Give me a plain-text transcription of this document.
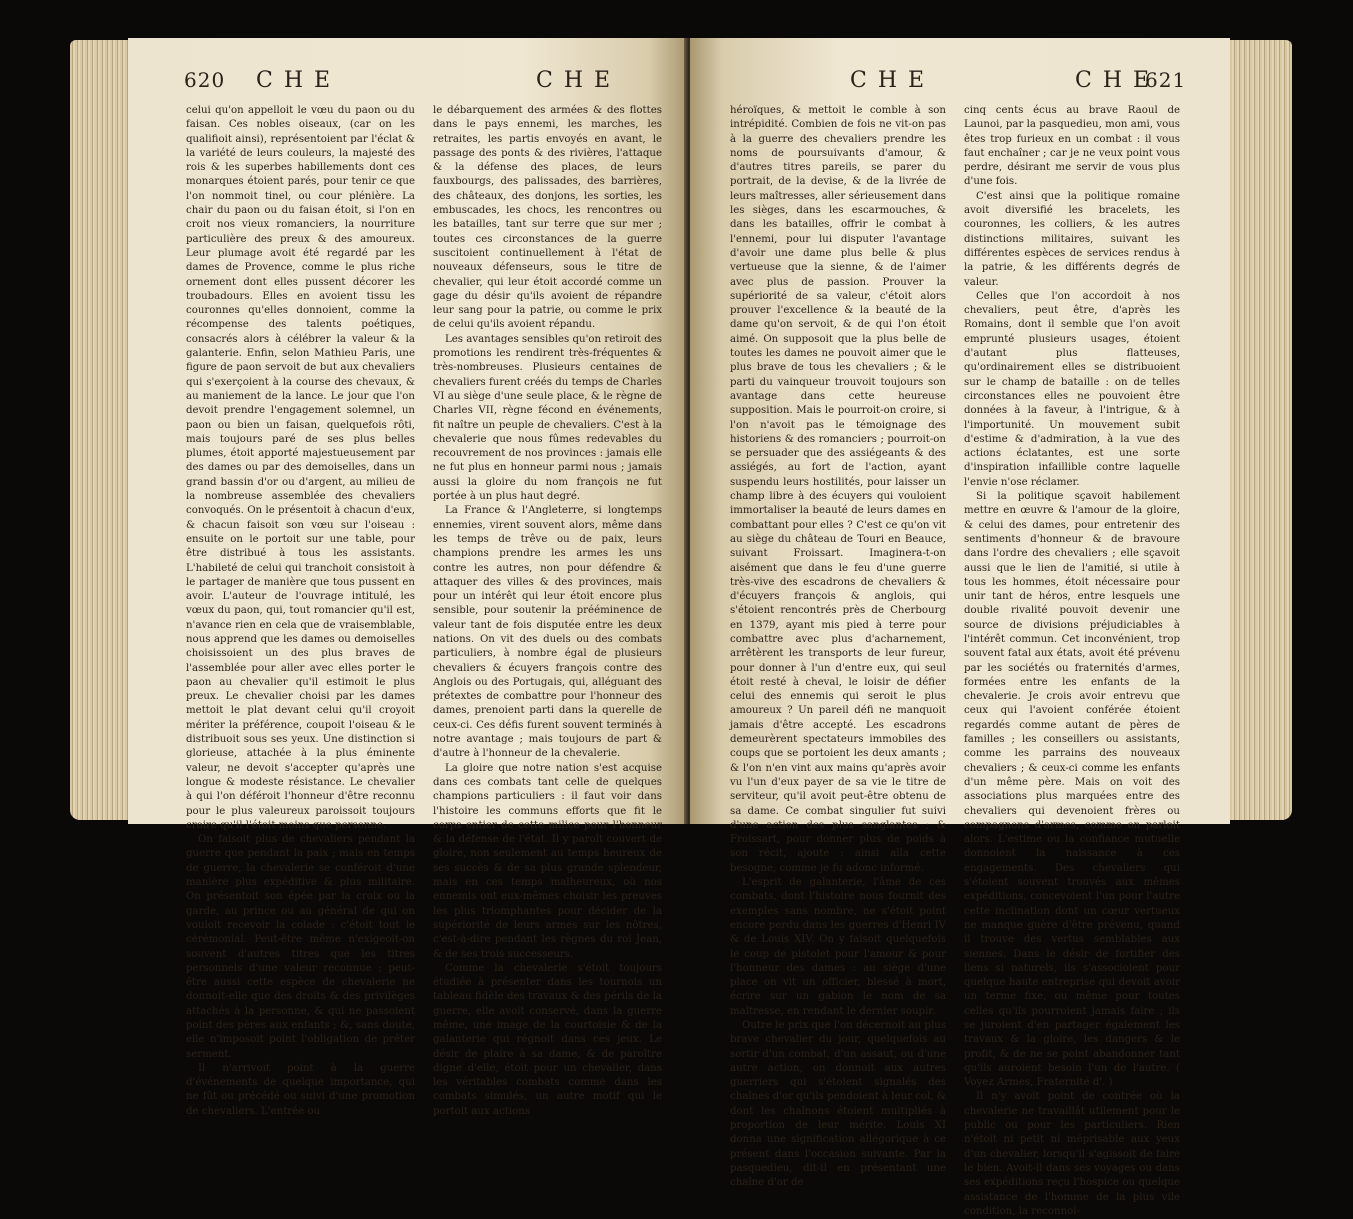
620 C H E	C H E

celui qu'on appelloit le vœu du paon ou du faisan. Ces nobles oiseaux, (car on les qualifioit ainsi), représentoient par l'éclat & la variété de leurs couleurs, la majesté des rois & les superbes habillements dont ces monarques étoient parés, pour tenir ce que l'on nommoit tinel, ou cour plénière. La chair du paon ou du faisan étoit, si l'on en croit nos vieux romanciers, la nourriture particulière des preux & des amoureux. Leur plumage avoit été regardé par les dames de Provence, comme le plus riche ornement dont elles pussent décorer les troubadours. Elles en avoient tissu les couronnes qu'elles donnoient, comme la récompense des talents poétiques, consacrés alors à célébrer la valeur & la galanterie. Enfin, selon Mathieu Paris, une figure de paon servoit de but aux chevaliers qui s'exerçoient à la course des chevaux, & au maniement de la lance. Le jour que l'on devoit prendre l'engagement solemnel, un paon ou bien un faisan, quelquefois rôti, mais toujours paré de ses plus belles plumes, étoit apporté majestueusement par des dames ou par des demoiselles, dans un grand bassin d'or ou d'argent, au milieu de la nombreuse assemblée des chevaliers convoqués. On le présentoit à chacun d'eux, & chacun faisoit son vœu sur l'oiseau : ensuite on le portoit sur une table, pour être distribué à tous les assistants. L'habileté de celui qui tranchoit consistoit à le partager de manière que tous pussent en avoir. L'auteur de l'ouvrage intitulé, les vœux du paon, qui, tout romancier qu'il est, n'avance rien en cela que de vraisemblable, nous apprend que les dames ou demoiselles choisissoient un des plus braves de l'assemblée pour aller avec elles porter le paon au chevalier qu'il estimoit le plus preux. Le chevalier choisi par les dames mettoit le plat devant celui qu'il croyoit mériter la préférence, coupoit l'oiseau & le distribuoit sous ses yeux. Une distinction si glorieuse, attachée à la plus éminente valeur, ne devoit s'accepter qu'après une longue & modeste résistance. Le chevalier à qui l'on déféroit l'honneur d'être reconnu pour le plus valeureux paroissoit toujours croire qu'il l'étoit moins que personne.

On faisoit plus de chevaliers pendant la guerre que pendant la paix ; mais en temps de guerre, la chevalerie se conféroit d'une manière plus expéditive & plus militaire. On présentoit son épée par la croix ou la garde, au prince ou au général de qui on vouloit recevoir la colade : c'étoit tout le cérémonial. Peut-être même n'exigeoit-on souvent d'autres titres que les titres personnels d'une valeur reconnue ; peut-être aussi cette espèce de chevalerie ne donnoit-elle que des droits & des privilèges attachés à la personne, & qui ne passoient point des pères aux enfants ; &, sans doute, elle n'imposoit point l'obligation de prêter serment.

Il n'arrivoit point à la guerre d'événements de quelque importance, qui ne fût ou précédé ou suivi d'une promotion de chevaliers. L'entrée ou

le débarquement des armées & des flottes dans le pays ennemi, les marches, les retraites, les partis envoyés en avant, le passage des ponts & des rivières, l'attaque & la défense des places, de leurs fauxbourgs, des palissades, des barrières, des châteaux, des donjons, les sorties, les embuscades, les chocs, les rencontres ou les batailles, tant sur terre que sur mer ; toutes ces circonstances de la guerre suscitoient continuellement à l'état de nouveaux défenseurs, sous le titre de chevalier, qui leur étoit accordé comme un gage du désir qu'ils avoient de répandre leur sang pour la patrie, ou comme le prix de celui qu'ils avoient répandu.

Les avantages sensibles qu'on retiroit des promotions les rendirent très-fréquentes & très-nombreuses. Plusieurs centaines de chevaliers furent créés du temps de Charles VI au siège d'une seule place, & le règne de Charles VII, règne fécond en événements, fit naître un peuple de chevaliers. C'est à la chevalerie que nous fûmes redevables du recouvrement de nos provinces : jamais elle ne fut plus en honneur parmi nous ; jamais aussi la gloire du nom françois ne fut portée à un plus haut degré.

La France & l'Angleterre, si longtemps ennemies, virent souvent alors, même dans les temps de trêve ou de paix, leurs champions prendre les armes les uns contre les autres, non pour défendre & attaquer des villes & des provinces, mais pour un intérêt qui leur étoit encore plus sensible, pour soutenir la prééminence de valeur tant de fois disputée entre les deux nations. On vit des duels ou des combats particuliers, à nombre égal de plusieurs chevaliers & écuyers françois contre des Anglois ou des Portugais, qui, alléguant des prétextes de combattre pour l'honneur des dames, prenoient parti dans la querelle de ceux-ci. Ces défis furent souvent terminés à notre avantage ; mais toujours de part & d'autre à l'honneur de la chevalerie.

La gloire que notre nation s'est acquise dans ces combats tant celle de quelques champions particuliers : il faut voir dans l'histoire les communs efforts que fit le corps entier de cette milice pour l'honneur & la défense de l'état. Il y paroît couvert de gloire, non seulement au temps heureux de ses succès & de sa plus grande splendeur, mais en ces temps malheureux, où nos ennemis ont eux-mêmes choisir les preuves les plus triomphantes pour décider de la supériorité de leurs armes sur les nôtres, c'est-à-dire pendant les règnes du roi Jean, & de ses trois successeurs.

Comme la chevalerie s'étoit toujours étudiée à présenter dans les tournois un tableau fidèle des travaux & des périls de la guerre, elle avoit conservé, dans la guerre même, une image de la courtoisie & de la galanterie qui régnoit dans ces jeux. Le désir de plaire à sa dame, & de paroître digne d'elle, étoit pour un chevalier, dans les véritables combats comme dans les combats simulés, un autre motif qui le portoit aux actions

C H E	C H E
621

héroïques, & mettoit le comble à son intrépidité. Combien de fois ne vit-on pas à la guerre des chevaliers prendre les noms de poursuivants d'amour, & d'autres titres pareils, se parer du portrait, de la devise, & de la livrée de leurs maîtresses, aller sérieusement dans les sièges, dans les escarmouches, & dans les batailles, offrir le combat à l'ennemi, pour lui disputer l'avantage d'avoir une dame plus belle & plus vertueuse que la sienne, & de l'aimer avec plus de passion. Prouver la supériorité de sa valeur, c'étoit alors prouver l'excellence & la beauté de la dame qu'on servoit, & de qui l'on étoit aimé. On supposoit que la plus belle de toutes les dames ne pouvoit aimer que le plus brave de tous les chevaliers ; & le parti du vainqueur trouvoit toujours son avantage dans cette heureuse supposition. Mais le pourroit-on croire, si l'on n'avoit pas le témoignage des historiens & des romanciers ; pourroit-on se persuader que des assiégeants & des assiégés, au fort de l'action, ayant suspendu leurs hostilités, pour laisser un champ libre à des écuyers qui vouloient immortaliser la beauté de leurs dames en combattant pour elles ? C'est ce qu'on vit au siège du château de Touri en Beauce, suivant Froissart. Imaginera-t-on aisément que dans le feu d'une guerre très-vive des escadrons de chevaliers & d'écuyers françois & anglois, qui s'étoient rencontrés près de Cherbourg en 1379, ayant mis pied à terre pour combattre avec plus d'acharnement, arrêtèrent les transports de leur fureur, pour donner à l'un d'entre eux, qui seul étoit resté à cheval, le loisir de défier celui des ennemis qui seroit le plus amoureux ? Un pareil défi ne manquoit jamais d'être accepté. Les escadrons demeurèrent spectateurs immobiles des coups que se portoient les deux amants ; & l'on n'en vint aux mains qu'après avoir vu l'un d'eux payer de sa vie le titre de serviteur, qu'il avoit peut-être obtenu de sa dame. Ce combat singulier fut suivi d'une action des plus sanglantes ; & Froissart, pour donner plus de poids à son récit, ajoute : ainsi alla cette besogne, comme je fu adonc informé.

L'esprit de galanterie, l'âme de ces combats, dont l'histoire nous fournit des exemples sans nombre, ne s'étoit point encore perdu dans les guerres d'Henri IV & de Louis XIV. On y faisoit quelquefois le coup de pistolet pour l'amour & pour l'honneur des dames : au siège d'une place on vit un officier, blessé à mort, écrire sur un gabion le nom de sa maîtresse, en rendant le dernier soupir.

Outre le prix que l'on décernoit au plus brave chevalier du jour, quelquefois au sortir d'un combat, d'un assaut, ou d'une autre action, on donnoit aux autres guerriers qui s'étoient signalés des chaînes d'or qu'ils pendoient à leur col, & dont les chaînons étoient multipliés à proportion de leur mérite. Louis XI donna une signification allégorique à ce présent dans l'occasion suivante. Par la pasquedieu, dit-il en présentant une chaîne d'or de

cinq cents écus au brave Raoul de Launoi, par la pasquedieu, mon ami, vous êtes trop furieux en un combat : il vous faut enchaîner ; car je ne veux point vous perdre, désirant me servir de vous plus d'une fois.

C'est ainsi que la politique romaine avoit diversifié les bracelets, les couronnes, les colliers, & les autres distinctions militaires, suivant les différentes espèces de services rendus à la patrie, & les différents degrés de valeur.

Celles que l'on accordoit à nos chevaliers, peut être, d'après les Romains, dont il semble que l'on avoit emprunté plusieurs usages, étoient d'autant plus flatteuses, qu'ordinairement elles se distribuoient sur le champ de bataille : on de telles circonstances elles ne pouvoient être données à la faveur, à l'intrigue, & à l'importunité. Un mouvement subit d'estime & d'admiration, à la vue des actions éclatantes, est une sorte d'inspiration infaillible contre laquelle l'envie n'ose réclamer.

Si la politique sçavoit habilement mettre en œuvre & l'amour de la gloire, & celui des dames, pour entretenir des sentiments d'honneur & de bravoure dans l'ordre des chevaliers ; elle sçavoit aussi que le lien de l'amitié, si utile à tous les hommes, étoit nécessaire pour unir tant de héros, entre lesquels une double rivalité pouvoit devenir une source de divisions préjudiciables à l'intérêt commun. Cet inconvénient, trop souvent fatal aux états, avoit été prévenu par les sociétés ou fraternités d'armes, formées entre les enfants de la chevalerie. Je crois avoir entrevu que ceux qui l'avoient conférée étoient regardés comme autant de pères de familles ; les conseillers ou assistants, comme les parrains des nouveaux chevaliers ; & ceux-ci comme les enfants d'un même père. Mais on voit des associations plus marquées entre des chevaliers qui devenoient frères ou compagnons d'armes, comme on parloit alors. L'estime ou la confiance mutuelle donnoient la naissance à ces engagements. Des chevaliers qui s'étoient souvent trouvés aux mêmes expéditions, concevoient l'un pour l'autre cette inclination dont un cœur vertueux ne manque guère d'être prévenu, quand il trouve des vertus semblables aux siennes. Dans le désir de fortifier des liens si naturels, ils s'associoient pour quelque haute entreprise qui devoit avoir un terme fixe, ou même pour toutes celles qu'ils pourroient jamais faire ; ils se juroient d'en partager également les travaux & la gloire, les dangers & le profit, & de ne se point abandonner tant qu'ils auroient besoin l'un de l'autre. ( Voyez Armes, Fraternité d'. )

Il n'y avoit point de contrée où la chevalerie ne travaillât utilement pour le public ou pour les particuliers. Rien n'étoit ni petit ni méprisable aux yeux d'un chevalier, lorsqu'il s'agissoit de faire le bien. Avoit-il dans ses voyages ou dans ses expéditions reçu l'hospice ou quelque assistance de l'homme de la plus vile condition, la reconnoi-
